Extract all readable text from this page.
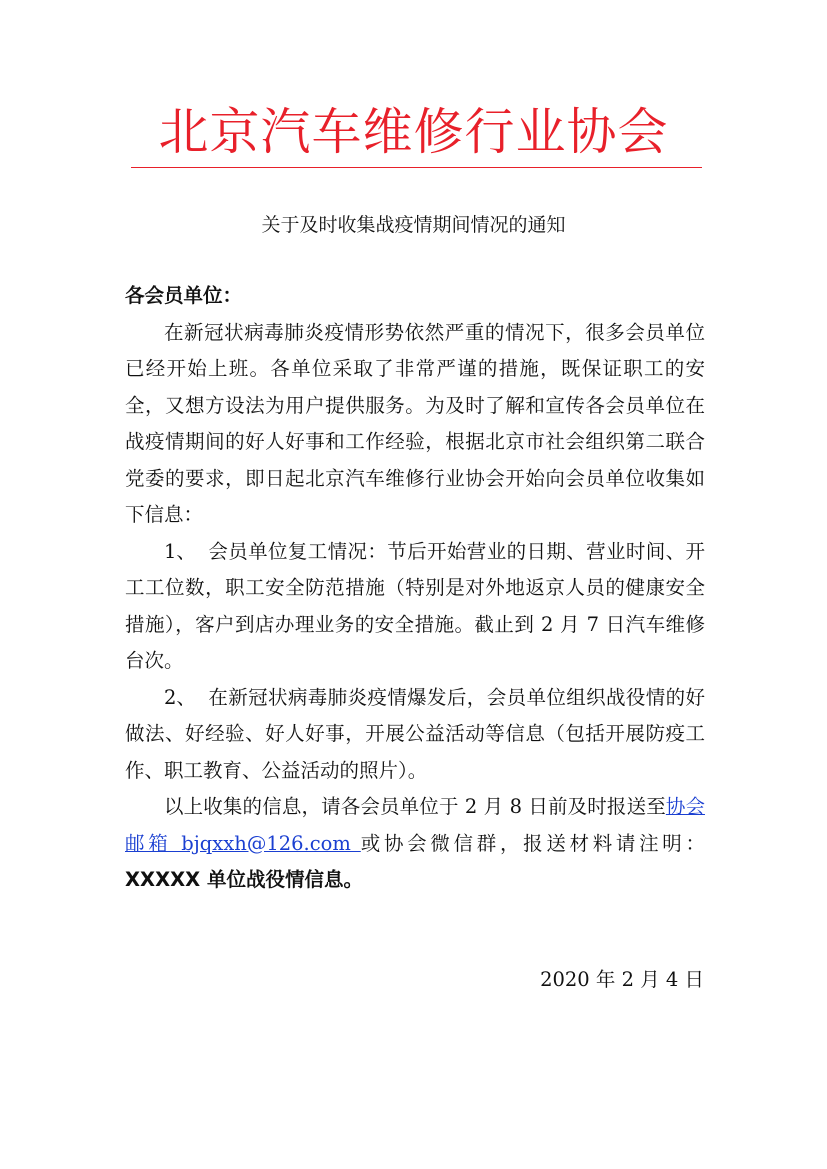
北京汽车维修行业协会
关于及时收集战疫情期间情况的通知

各会员单位：

在新冠状病毒肺炎疫情形势依然严重的情况下，很多会员单位已经开始上班。各单位采取了非常严谨的措施，既保证职工的安全，又想方设法为用户提供服务。为及时了解和宣传各会员单位在战疫情期间的好人好事和工作经验，根据北京市社会组织第二联合党委的要求，即日起北京汽车维修行业协会开始向会员单位收集如下信息：

1、 会员单位复工情况：节后开始营业的日期、营业时间、开工工位数，职工安全防范措施（特别是对外地返京人员的健康安全措施），客户到店办理业务的安全措施。截止到 2 月 7 日汽车维修台次。

2、 在新冠状病毒肺炎疫情爆发后，会员单位组织战役情的好做法、好经验、好人好事，开展公益活动等信息（包括开展防疫工作、职工教育、公益活动的照片）。

以上收集的信息，请各会员单位于 2 月 8 日前及时报送至协会邮箱 bjqxxh@126.com 或协会微信群，报送材料请注明：XXXXX 单位战役情信息。

2020 年 2 月 4 日
